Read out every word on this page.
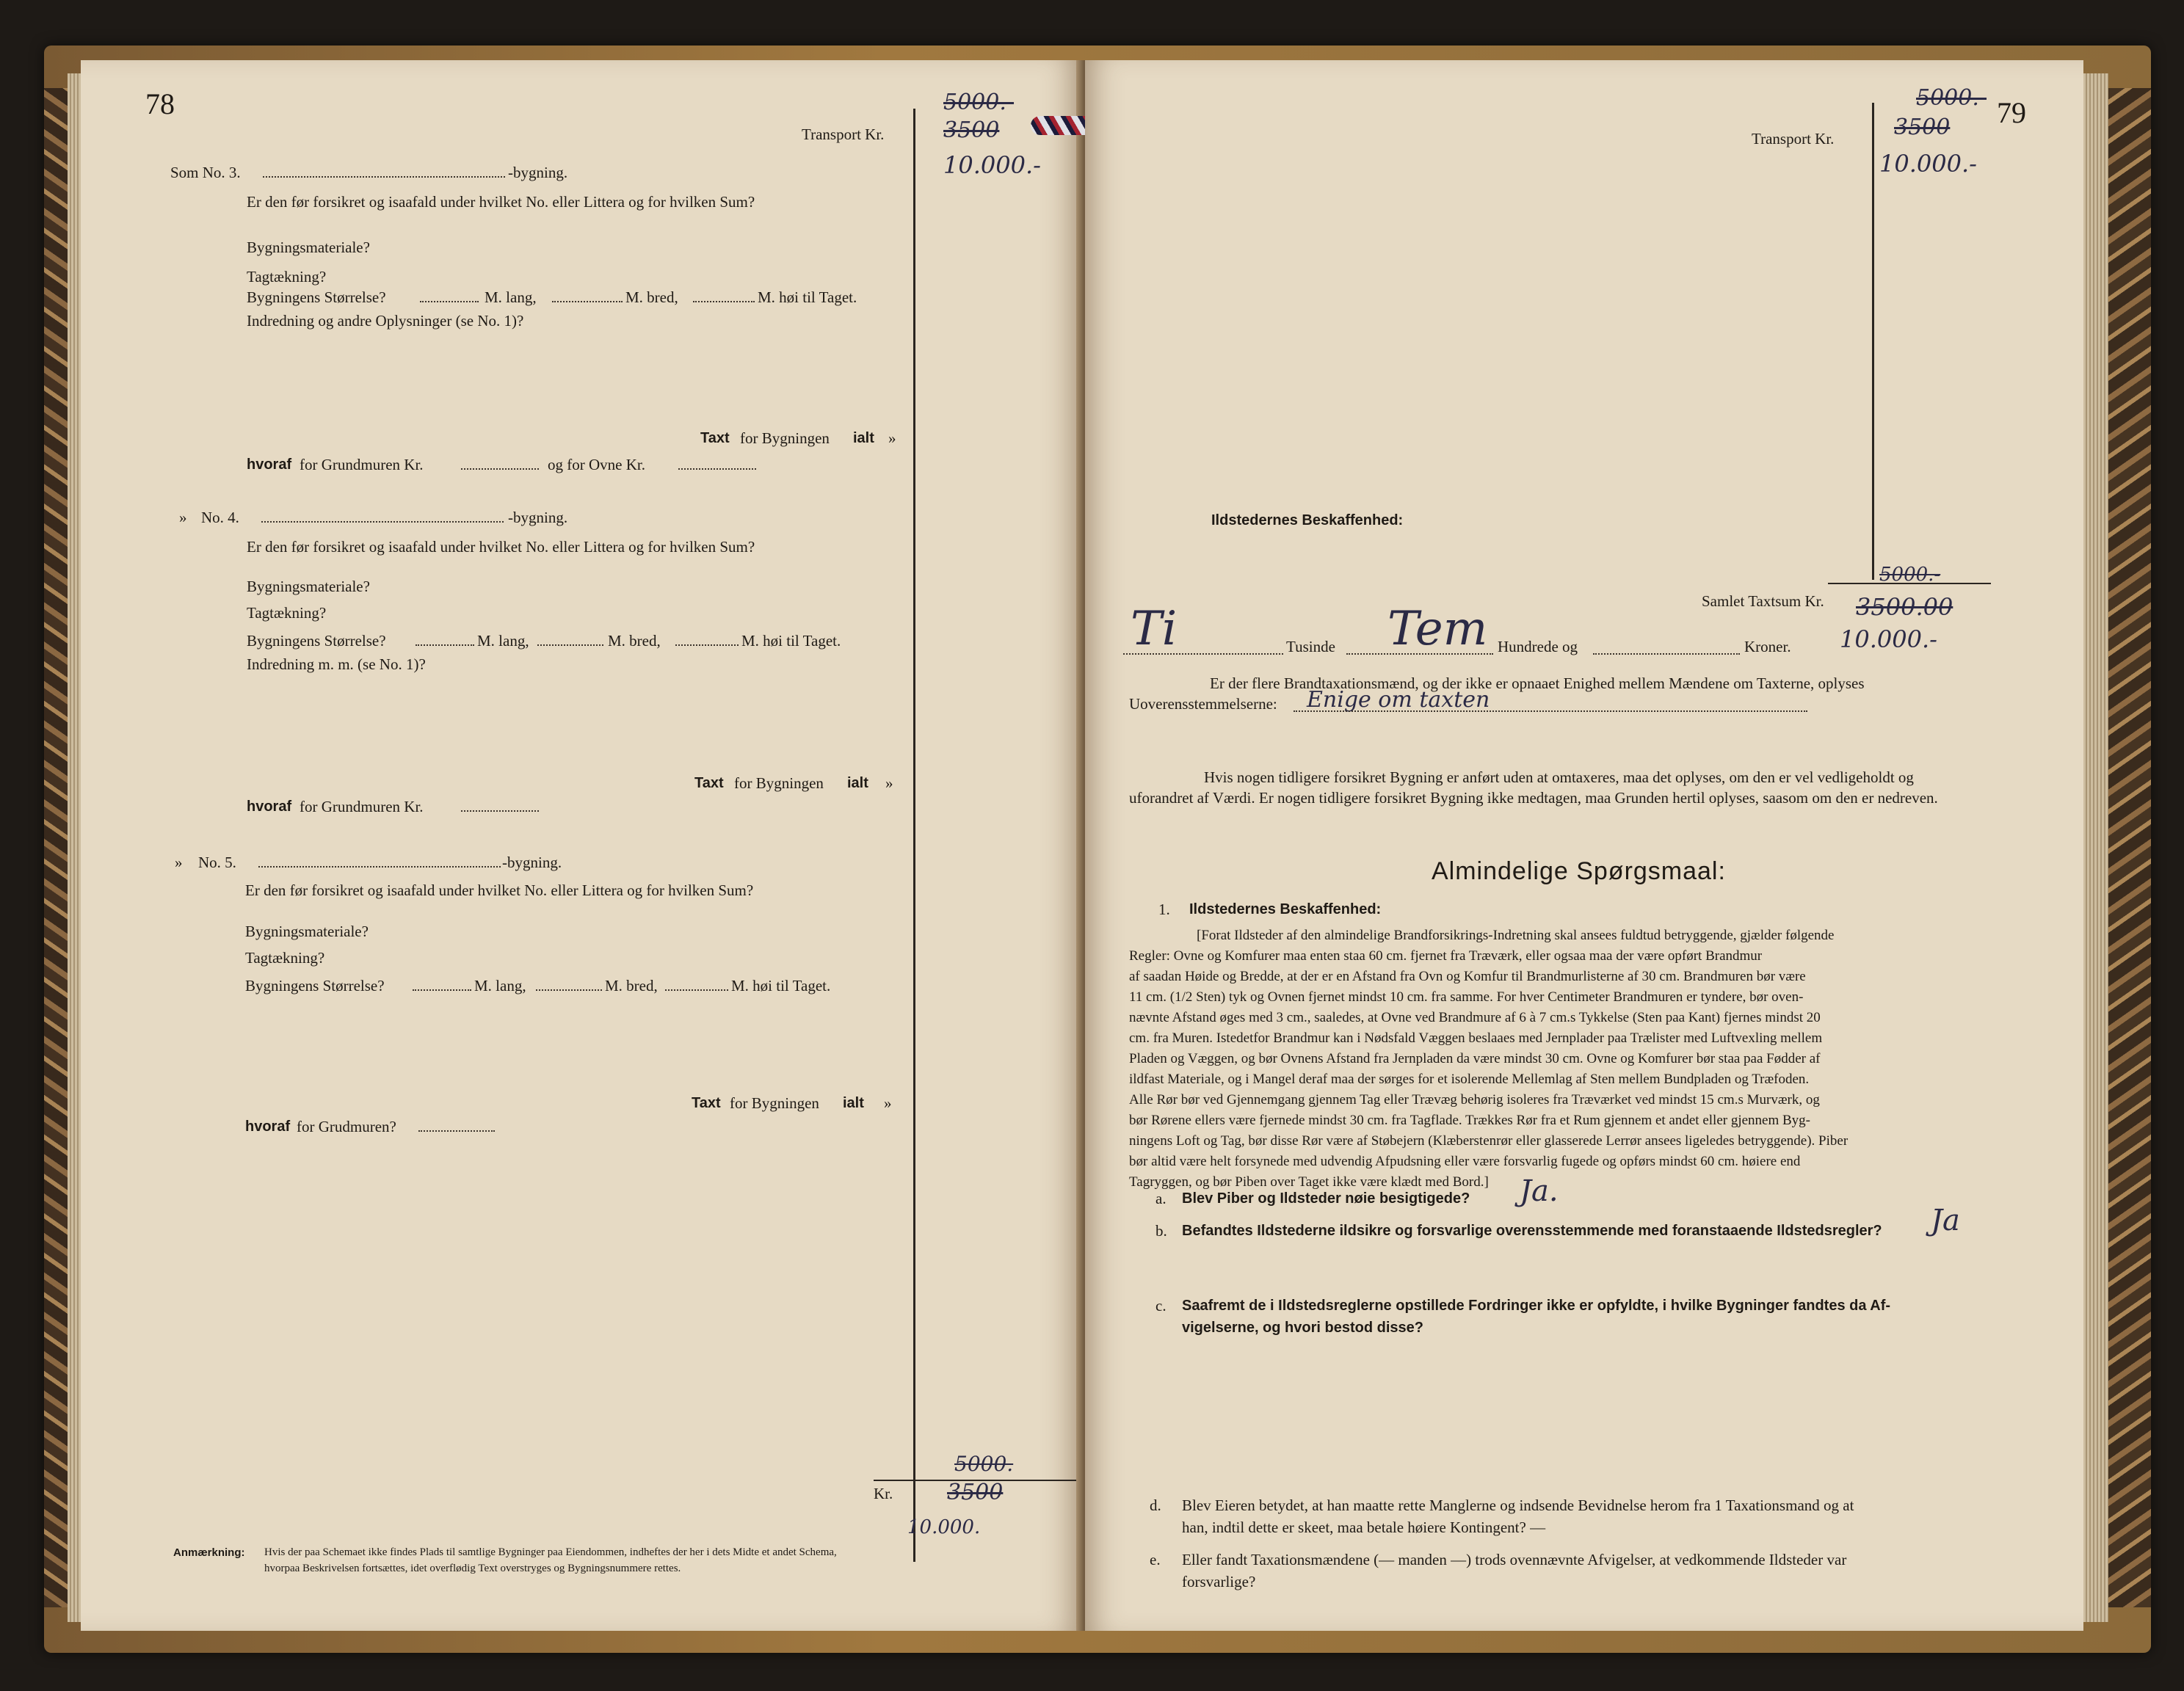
78
Transport Kr.
5000.-
3500
10.000.-
Som No. 3.	-bygning.
Er den før forsikret og isaafald under hvilket No. eller Littera og for hvilken Sum?
Bygningsmateriale?
Tagtækning?
Bygningens Størrelse?	M. lang,	M. bred,	M. høi til Taget.
Indredning og andre Oplysninger (se No. 1)?
Taxt for Bygningen ialt »
hvoraf for Grundmuren Kr.	og for Ovne Kr.
» No. 4.	-bygning.
Er den før forsikret og isaafald under hvilket No. eller Littera og for hvilken Sum?
Bygningsmateriale?
Tagtækning?
Bygningens Størrelse?	M. lang,	M. bred,	M. høi til Taget.
Indredning m. m. (se No. 1)?
Taxt for Bygningen ialt »
hvoraf for Grundmuren Kr.
» No. 5.	-bygning.
Er den før forsikret og isaafald under hvilket No. eller Littera og for hvilken Sum?
Bygningsmateriale?
Tagtækning?
Bygningens Størrelse?	M. lang,	M. bred,	M. høi til Taget.
Taxt for Bygningen ialt »
hvoraf for Grudmuren?
Kr.
5000.
3500
10.000.
Anmærkning: Hvis der paa Schemaet ikke findes Plads til samtlige Bygninger paa Eiendommen, indheftes der her i dets Midte et andet Schema,
hvorpaa Beskrivelsen fortsættes, idet overflødig Text overstryges og Bygningsnummere rettes.
79
Transport Kr.
5000.-
3500
10.000.-
Ildstedernes Beskaffenhed:
Samlet Taxtsum Kr.
5000.-
3500.00
10.000.-
Ti	Tusinde Tem Hundrede og	Kroner.
Er der flere Brandtaxationsmænd, og der ikke er opnaaet Enighed mellem Mændene om Taxterne, oplyses
Uoverensstemmelserne: Enige om taxten
Hvis nogen tidligere forsikret Bygning er anført uden at omtaxeres, maa det oplyses, om den er vel vedligeholdt og
uforandret af Værdi. Er nogen tidligere forsikret Bygning ikke medtagen, maa Grunden hertil oplyses, saasom om den er nedreven.
Almindelige Spørgsmaal:
1. Ildstedernes Beskaffenhed:
[Forat Ildsteder af den almindelige Brandforsikrings-Indretning skal ansees fuldtud betryggende, gjælder følgende
Regler: Ovne og Komfurer maa enten staa 60 cm. fjernet fra Træværk, eller ogsaa maa der være opført Brandmur
af saadan Høide og Bredde, at der er en Afstand fra Ovn og Komfur til Brandmurlisterne af 30 cm. Brandmuren bør være
11 cm. (1/2 Sten) tyk og Ovnen fjernet mindst 10 cm. fra samme. For hver Centimeter Brandmuren er tyndere, bør oven-
nævnte Afstand øges med 3 cm., saaledes, at Ovne ved Brandmure af 6 à 7 cm.s Tykkelse (Sten paa Kant) fjernes mindst 20
cm. fra Muren. Istedetfor Brandmur kan i Nødsfald Væggen beslaaes med Jernplader paa Trælister med Luftvexling mellem
Pladen og Væggen, og bør Ovnens Afstand fra Jernpladen da være mindst 30 cm. Ovne og Komfurer bør staa paa Fødder af
ildfast Materiale, og i Mangel deraf maa der sørges for et isolerende Mellemlag af Sten mellem Bundpladen og Træfoden.
Alle Rør bør ved Gjennemgang gjennem Tag eller Trævæg behørig isoleres fra Træværket ved mindst 15 cm.s Murværk, og
bør Rørene ellers være fjernede mindst 30 cm. fra Tagflade. Trækkes Rør fra et Rum gjennem et andet eller gjennem Byg-
ningens Loft og Tag, bør disse Rør være af Støbejern (Klæberstenrør eller glasserede Lerrør ansees ligeledes betryggende). Piber
bør altid være helt forsynede med udvendig Afpudsning eller være forsvarlig fugede og opførs mindst 60 cm. høiere end
Tagryggen, og bør Piben over Taget ikke være klædt med Bord.]
a. Blev Piber og Ildsteder nøie besigtigede? Ja.
b. Befandtes Ildstederne ildsikre og forsvarlige overensstemmende med foranstaaende Ildstedsregler? Ja
c. Saafremt de i Ildstedsreglerne opstillede Fordringer ikke er opfyldte, i hvilke Bygninger fandtes da Af-
vigelserne, og hvori bestod disse?
d. Blev Eieren betydet, at han maatte rette Manglerne og indsende Bevidnelse herom fra 1 Taxationsmand og at
han, indtil dette er skeet, maa betale høiere Kontingent? —
e. Eller fandt Taxationsmændene (— manden —) trods ovennævnte Afvigelser, at vedkommende Ildsteder var
forsvarlige?
